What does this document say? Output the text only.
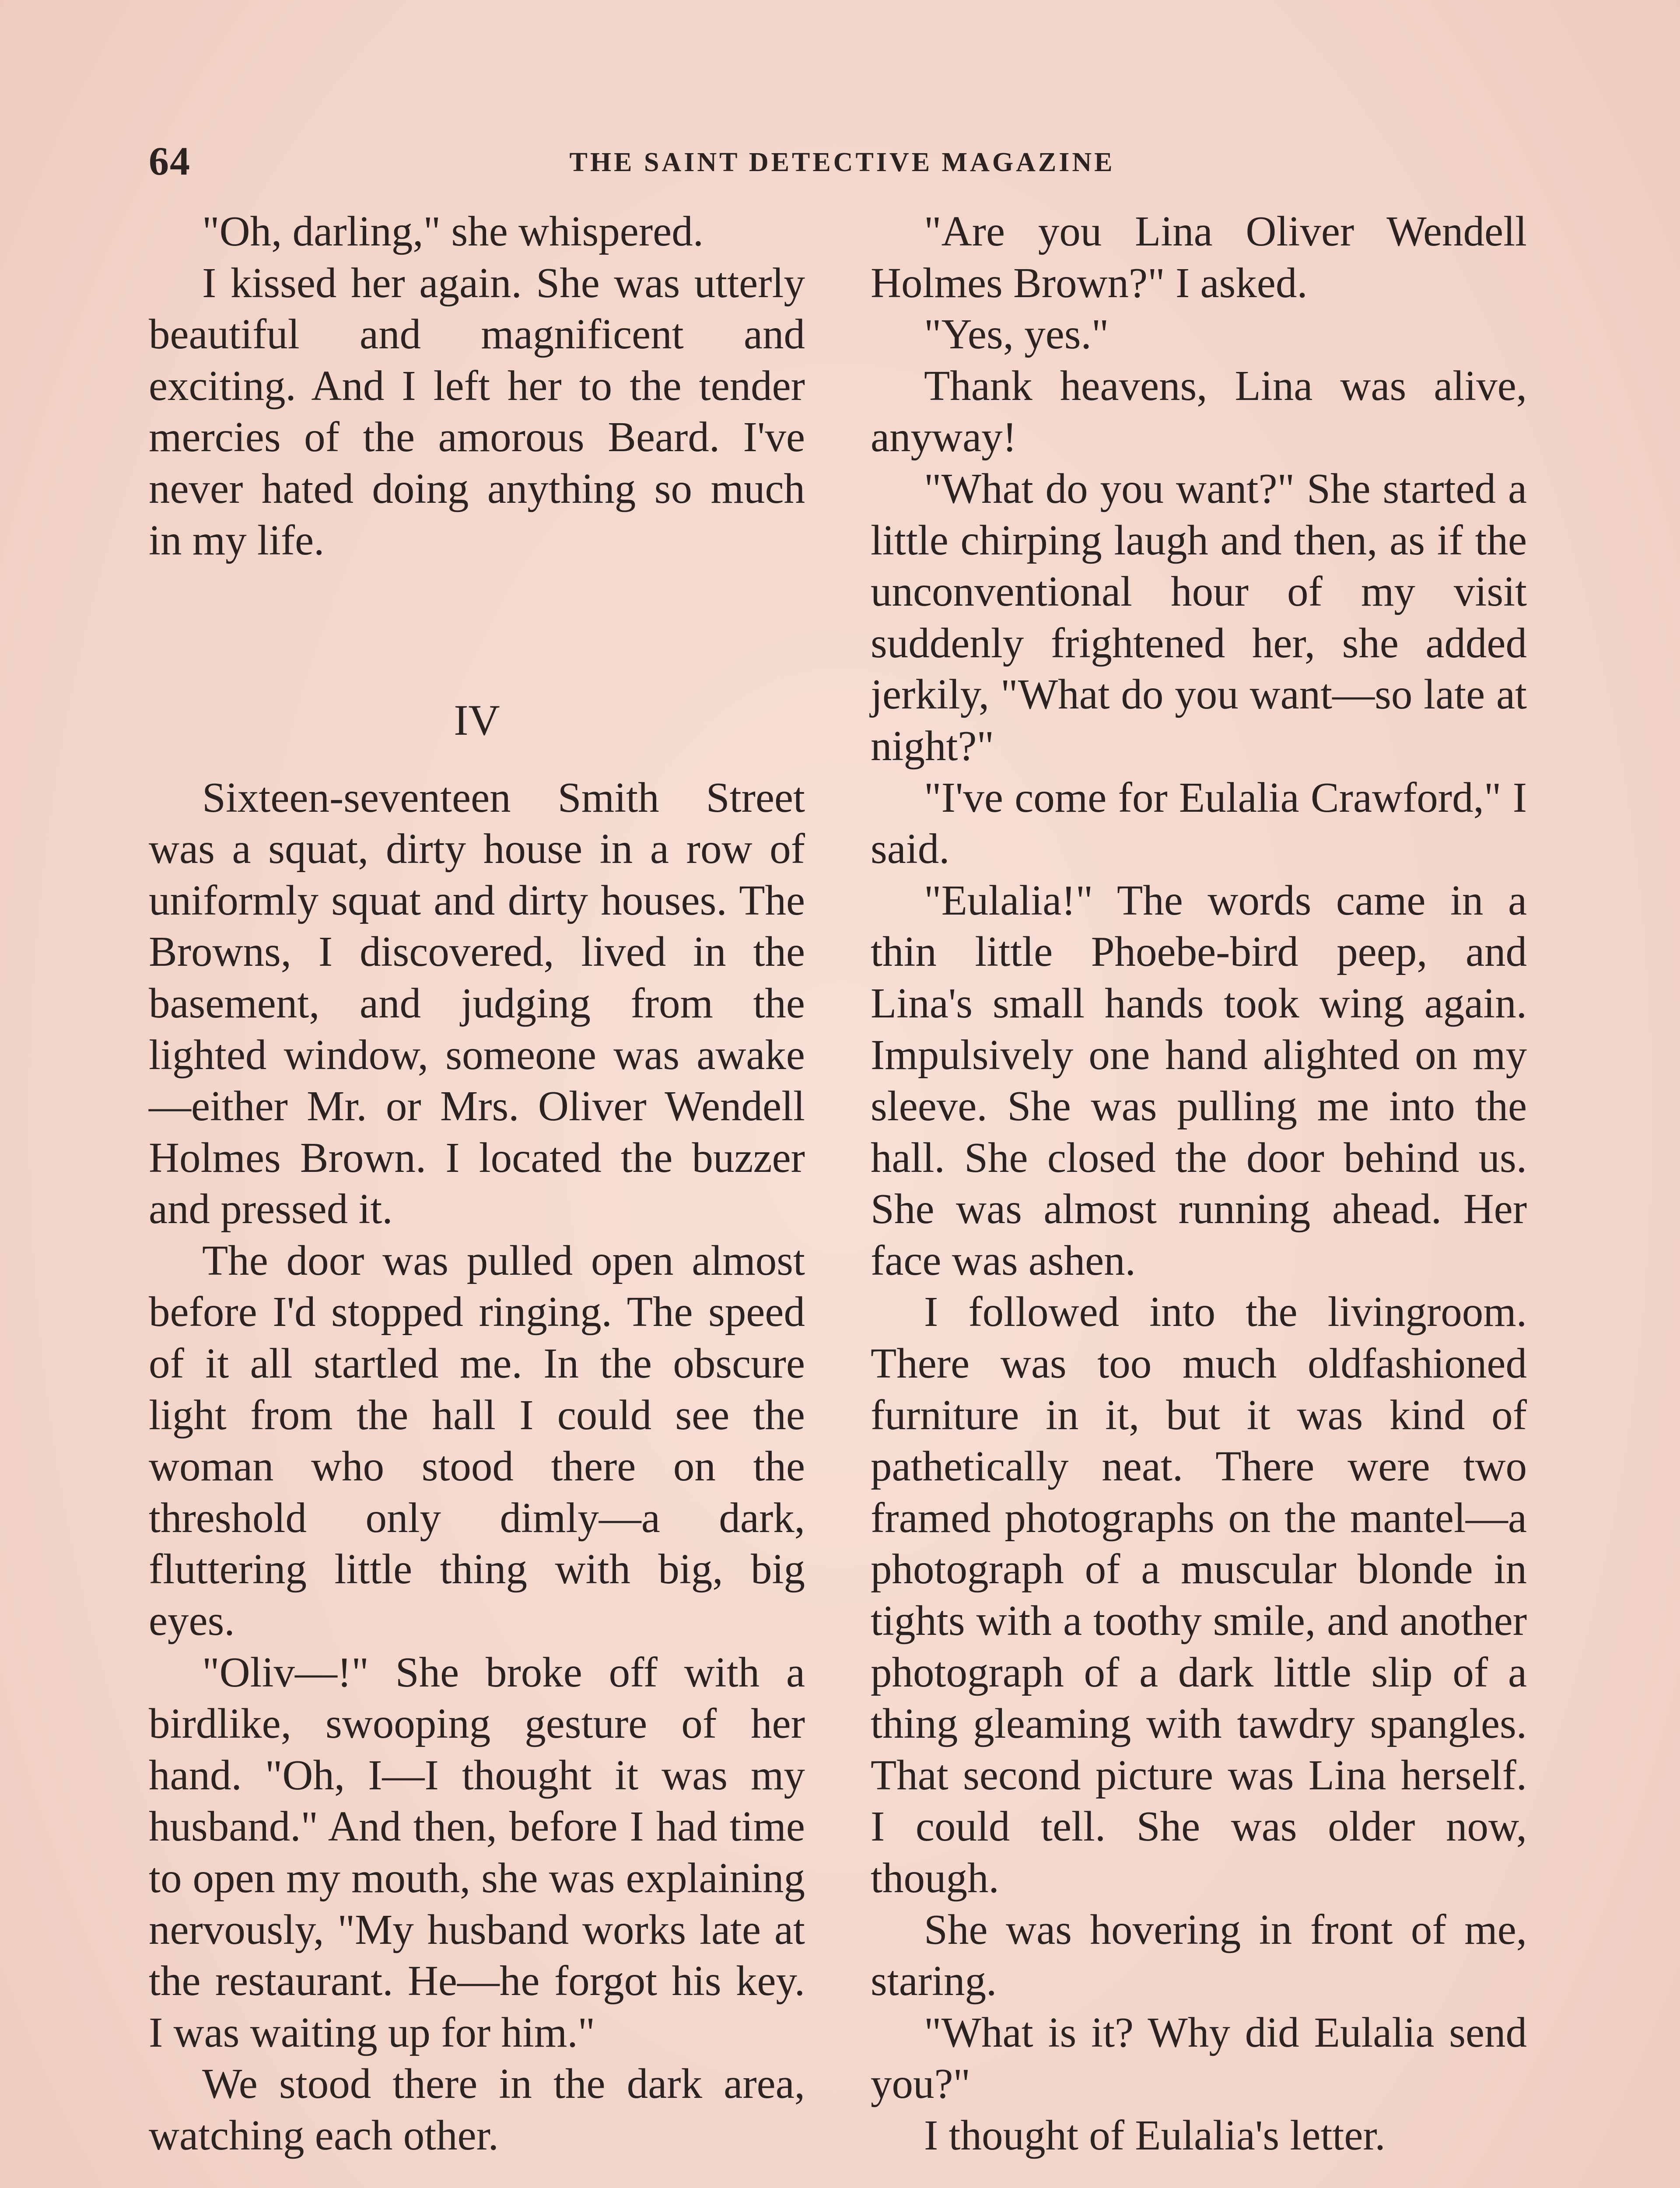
64	THE SAINT DETECTIVE MAGAZINE

"Oh, darling," she whispered.

I kissed her again. She was utterly beautiful and magnificent and exciting. And I left her to the tender mercies of the amorous Beard. I've never hated doing anything so much in my life.

IV

Sixteen-seventeen Smith Street was a squat, dirty house in a row of uniformly squat and dirty houses. The Browns, I discovered, lived in the basement, and judging from the lighted window, someone was awake—either Mr. or Mrs. Oliver Wendell Holmes Brown. I located the buzzer and pressed it.

The door was pulled open almost before I'd stopped ringing. The speed of it all startled me. In the obscure light from the hall I could see the woman who stood there on the threshold only dimly—a dark, fluttering little thing with big, big eyes.

"Oliv—!" She broke off with a birdlike, swooping gesture of her hand. "Oh, I—I thought it was my husband." And then, before I had time to open my mouth, she was explaining nervously, "My husband works late at the restaurant. He—he forgot his key. I was waiting up for him."

We stood there in the dark area, watching each other.

"Are you Lina Oliver Wendell Holmes Brown?" I asked.

"Yes, yes."

Thank heavens, Lina was alive, anyway!

"What do you want?" She started a little chirping laugh and then, as if the unconventional hour of my visit suddenly frightened her, she added jerkily, "What do you want—so late at night?"

"I've come for Eulalia Crawford," I said.

"Eulalia!" The words came in a thin little Phoebe-bird peep, and Lina's small hands took wing again. Impulsively one hand alighted on my sleeve. She was pulling me into the hall. She closed the door behind us. She was almost running ahead. Her face was ashen.

I followed into the livingroom. There was too much oldfashioned furniture in it, but it was kind of pathetically neat. There were two framed photographs on the mantel—a photograph of a muscular blonde in tights with a toothy smile, and another photograph of a dark little slip of a thing gleaming with tawdry spangles. That second picture was Lina herself. I could tell. She was older now, though.

She was hovering in front of me, staring.

"What is it? Why did Eulalia send you?"

I thought of Eulalia's letter.
